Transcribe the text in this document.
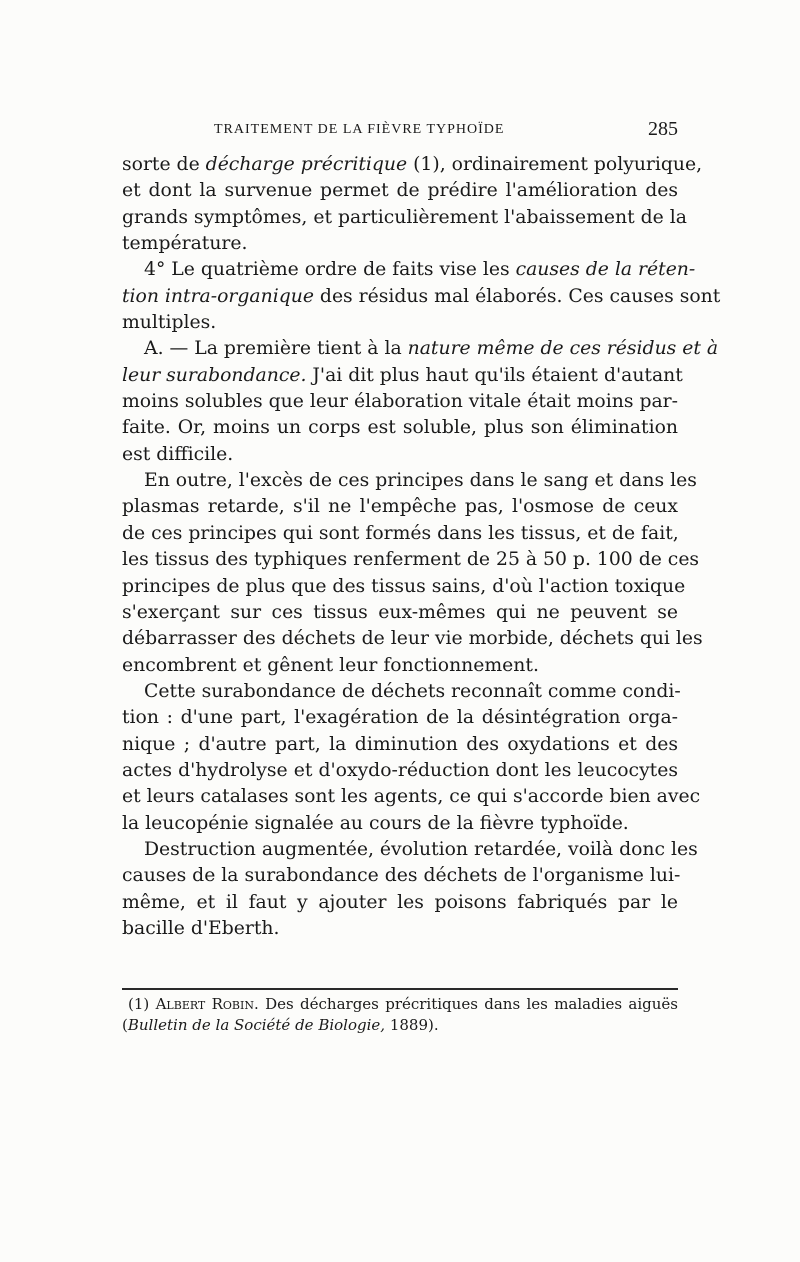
TRAITEMENT DE LA FIÈVRE TYPHOÏDE	285
sorte de décharge précritique (1), ordinairement polyurique,
et dont la survenue permet de prédire l'amélioration des
grands symptômes, et particulièrement l'abaissement de la
température.
4° Le quatrième ordre de faits vise les causes de la réten-
tion intra-organique des résidus mal élaborés. Ces causes sont
multiples.
A. — La première tient à la nature même de ces résidus et à
leur surabondance. J'ai dit plus haut qu'ils étaient d'autant
moins solubles que leur élaboration vitale était moins par-
faite. Or, moins un corps est soluble, plus son élimination
est difficile.
En outre, l'excès de ces principes dans le sang et dans les
plasmas retarde, s'il ne l'empêche pas, l'osmose de ceux
de ces principes qui sont formés dans les tissus, et de fait,
les tissus des typhiques renferment de 25 à 50 p. 100 de ces
principes de plus que des tissus sains, d'où l'action toxique
s'exerçant sur ces tissus eux-mêmes qui ne peuvent se
débarrasser des déchets de leur vie morbide, déchets qui les
encombrent et gênent leur fonctionnement.
Cette surabondance de déchets reconnaît comme condi-
tion : d'une part, l'exagération de la désintégration orga-
nique ; d'autre part, la diminution des oxydations et des
actes d'hydrolyse et d'oxydo-réduction dont les leucocytes
et leurs catalases sont les agents, ce qui s'accorde bien avec
la leucopénie signalée au cours de la fièvre typhoïde.
Destruction augmentée, évolution retardée, voilà donc les
causes de la surabondance des déchets de l'organisme lui-
même, et il faut y ajouter les poisons fabriqués par le
bacille d'Eberth.
(1) Albert Robin. Des décharges précritiques dans les maladies aiguës
(Bulletin de la Société de Biologie, 1889).
